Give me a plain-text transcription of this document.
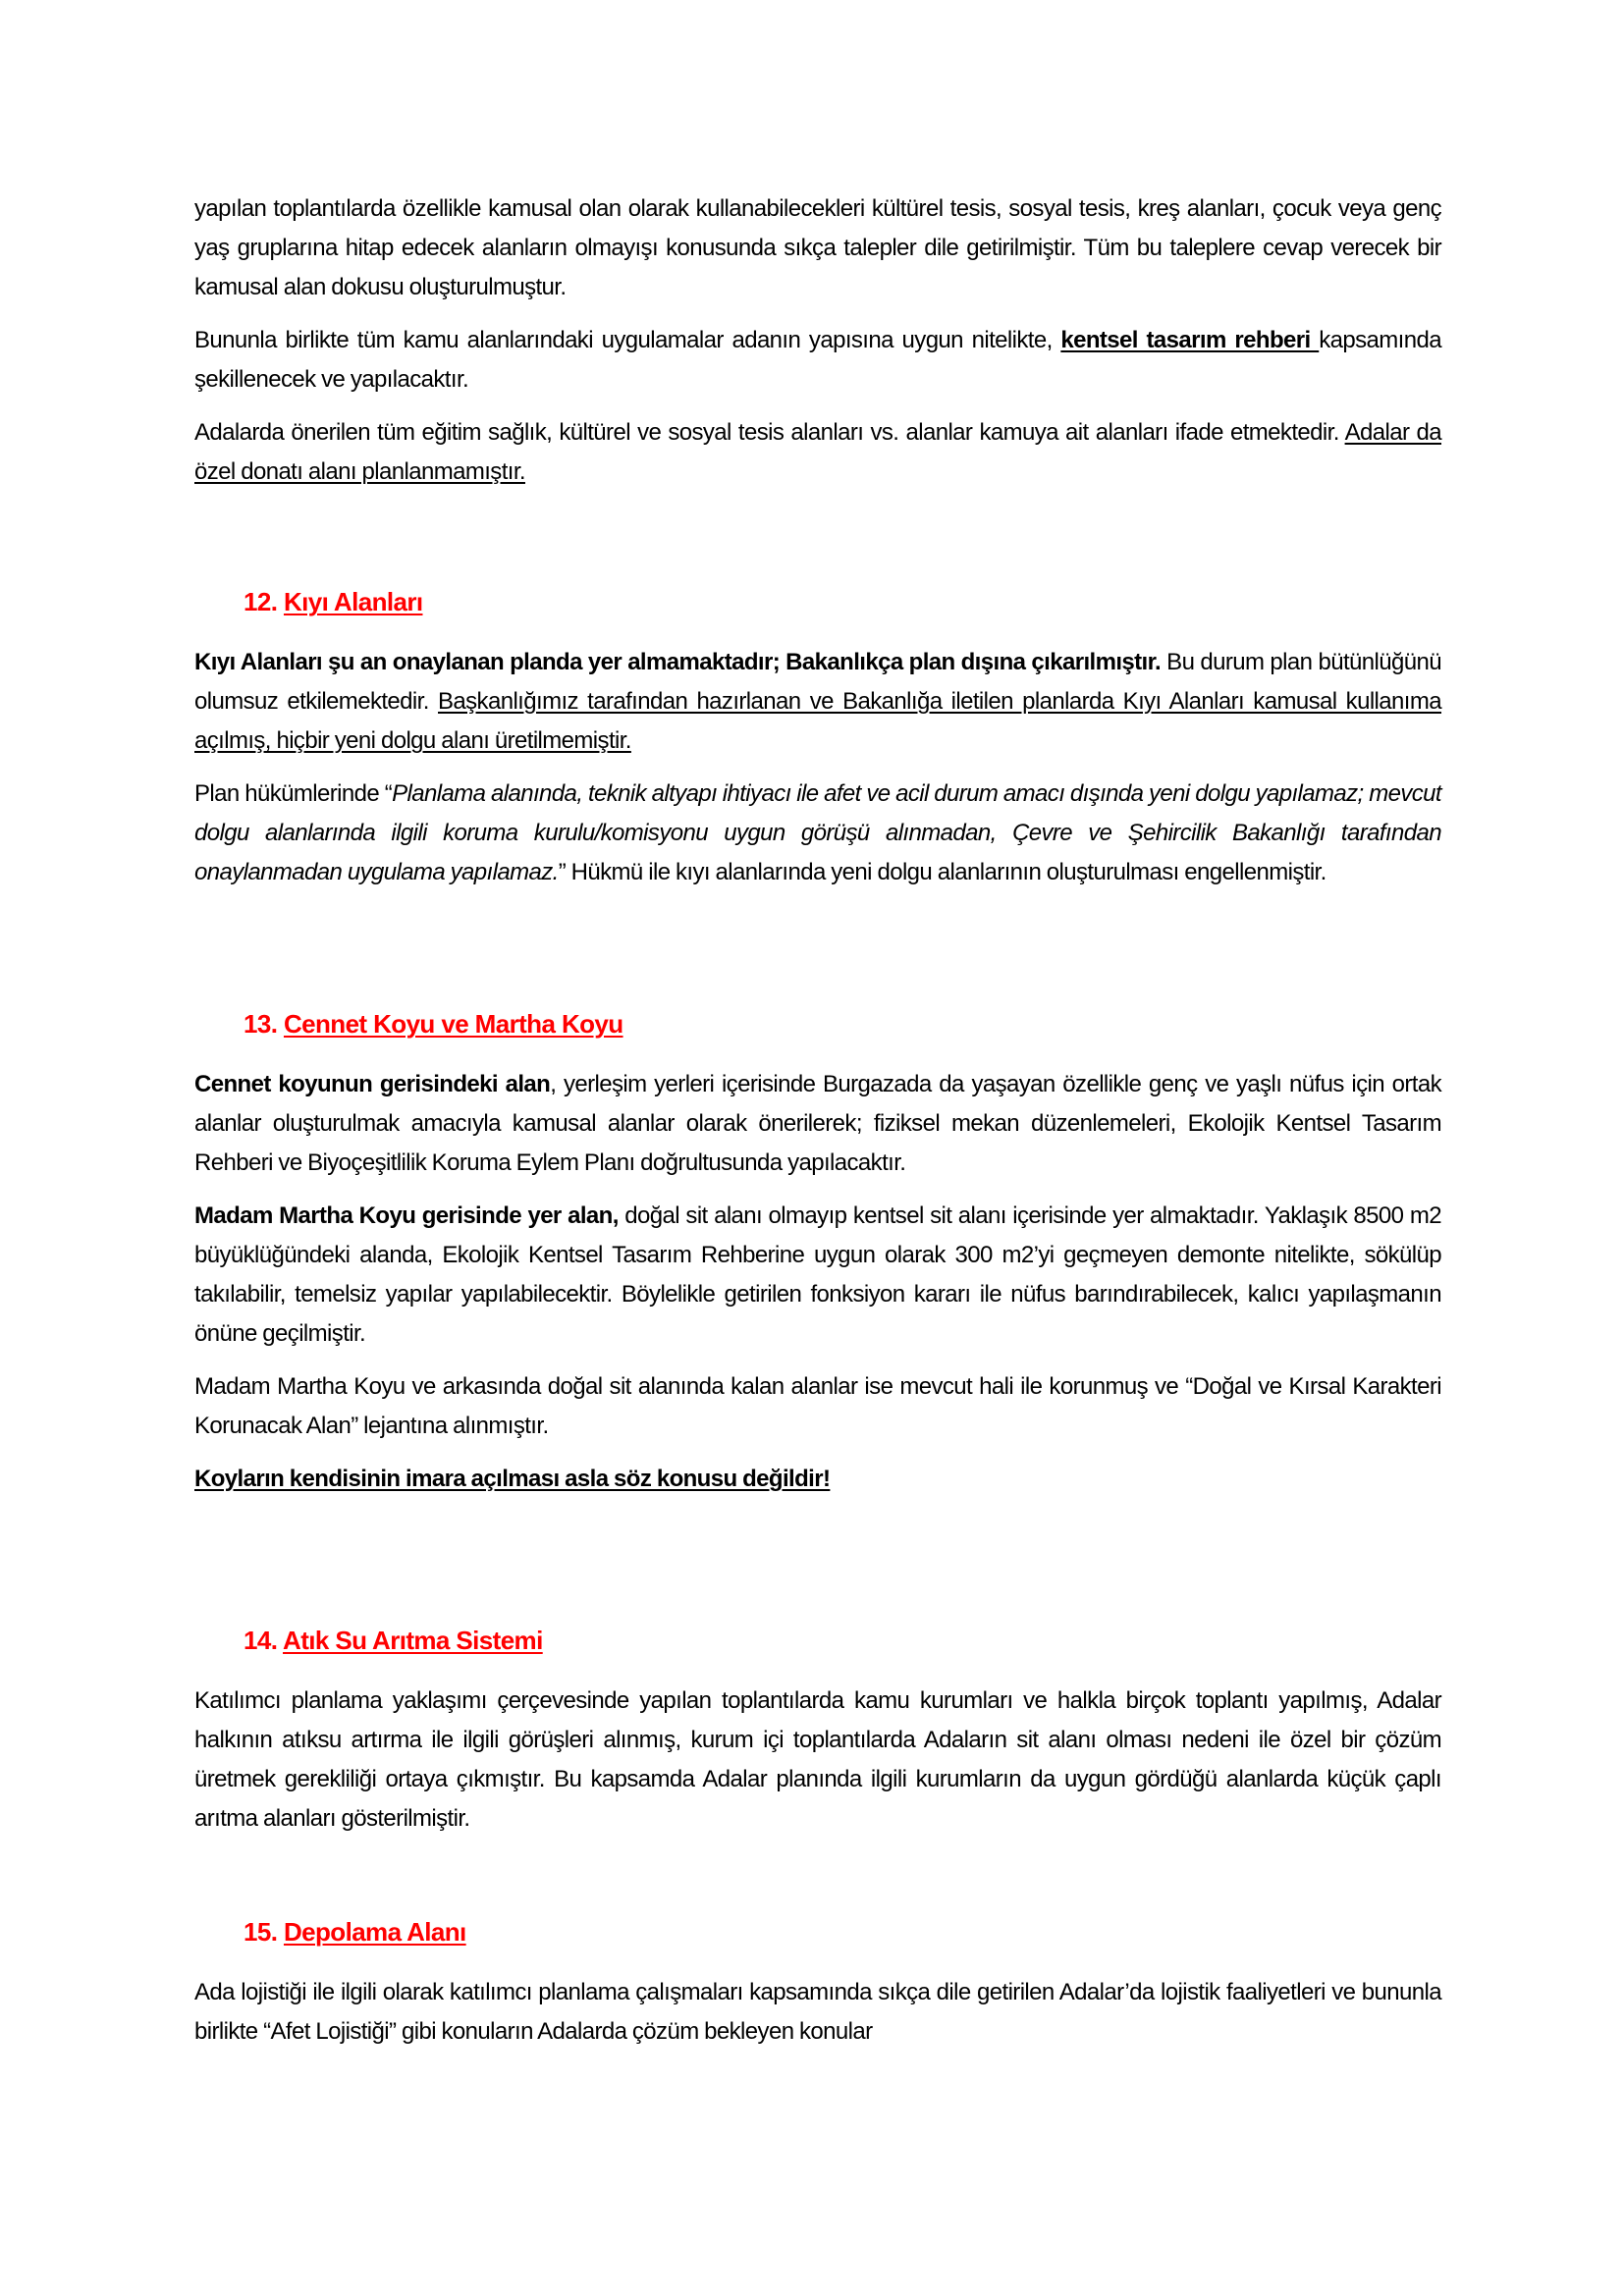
yapılan toplantılarda özellikle kamusal olan olarak kullanabilecekleri kültürel tesis, sosyal tesis, kreş alanları, çocuk veya genç yaş gruplarına hitap edecek alanların olmayışı konusunda sıkça talepler dile getirilmiştir. Tüm bu taleplere cevap verecek bir kamusal alan dokusu oluşturulmuştur.

Bununla birlikte tüm kamu alanlarındaki uygulamalar adanın yapısına uygun nitelikte, kentsel tasarım rehberi kapsamında şekillenecek ve yapılacaktır.

Adalarda önerilen tüm eğitim sağlık, kültürel ve sosyal tesis alanları vs. alanlar kamuya ait alanları ifade etmektedir. Adalar da özel donatı alanı planlanmamıştır.

12. Kıyı Alanları

Kıyı Alanları şu an onaylanan planda yer almamaktadır; Bakanlıkça plan dışına çıkarılmıştır. Bu durum plan bütünlüğünü olumsuz etkilemektedir. Başkanlığımız tarafından hazırlanan ve Bakanlığa iletilen planlarda Kıyı Alanları kamusal kullanıma açılmış, hiçbir yeni dolgu alanı üretilmemiştir.

Plan hükümlerinde “Planlama alanında, teknik altyapı ihtiyacı ile afet ve acil durum amacı dışında yeni dolgu yapılamaz; mevcut dolgu alanlarında ilgili koruma kurulu/komisyonu uygun görüşü alınmadan, Çevre ve Şehircilik Bakanlığı tarafından onaylanmadan uygulama yapılamaz.” Hükmü ile kıyı alanlarında yeni dolgu alanlarının oluşturulması engellenmiştir.

13. Cennet Koyu ve Martha Koyu

Cennet koyunun gerisindeki alan, yerleşim yerleri içerisinde Burgazada da yaşayan özellikle genç ve yaşlı nüfus için ortak alanlar oluşturulmak amacıyla kamusal alanlar olarak önerilerek; fiziksel mekan düzenlemeleri, Ekolojik Kentsel Tasarım Rehberi ve Biyoçeşitlilik Koruma Eylem Planı doğrultusunda yapılacaktır.

Madam Martha Koyu gerisinde yer alan, doğal sit alanı olmayıp kentsel sit alanı içerisinde yer almaktadır. Yaklaşık 8500 m2 büyüklüğündeki alanda, Ekolojik Kentsel Tasarım Rehberine uygun olarak 300 m2’yi geçmeyen demonte nitelikte, sökülüp takılabilir, temelsiz yapılar yapılabilecektir. Böylelikle getirilen fonksiyon kararı ile nüfus barındırabilecek, kalıcı yapılaşmanın önüne geçilmiştir.

Madam Martha Koyu ve arkasında doğal sit alanında kalan alanlar ise mevcut hali ile korunmuş ve “Doğal ve Kırsal Karakteri Korunacak Alan” lejantına alınmıştır.

Koyların kendisinin imara açılması asla söz konusu değildir!

14. Atık Su Arıtma Sistemi

Katılımcı planlama yaklaşımı çerçevesinde yapılan toplantılarda kamu kurumları ve halkla birçok toplantı yapılmış, Adalar halkının atıksu artırma ile ilgili görüşleri alınmış, kurum içi toplantılarda Adaların sit alanı olması nedeni ile özel bir çözüm üretmek gerekliliği ortaya çıkmıştır. Bu kapsamda Adalar planında ilgili kurumların da uygun gördüğü alanlarda küçük çaplı arıtma alanları gösterilmiştir.

15. Depolama Alanı

Ada lojistiği ile ilgili olarak katılımcı planlama çalışmaları kapsamında sıkça dile getirilen Adalar’da lojistik faaliyetleri ve bununla birlikte “Afet Lojistiği” gibi konuların Adalarda çözüm bekleyen konular
